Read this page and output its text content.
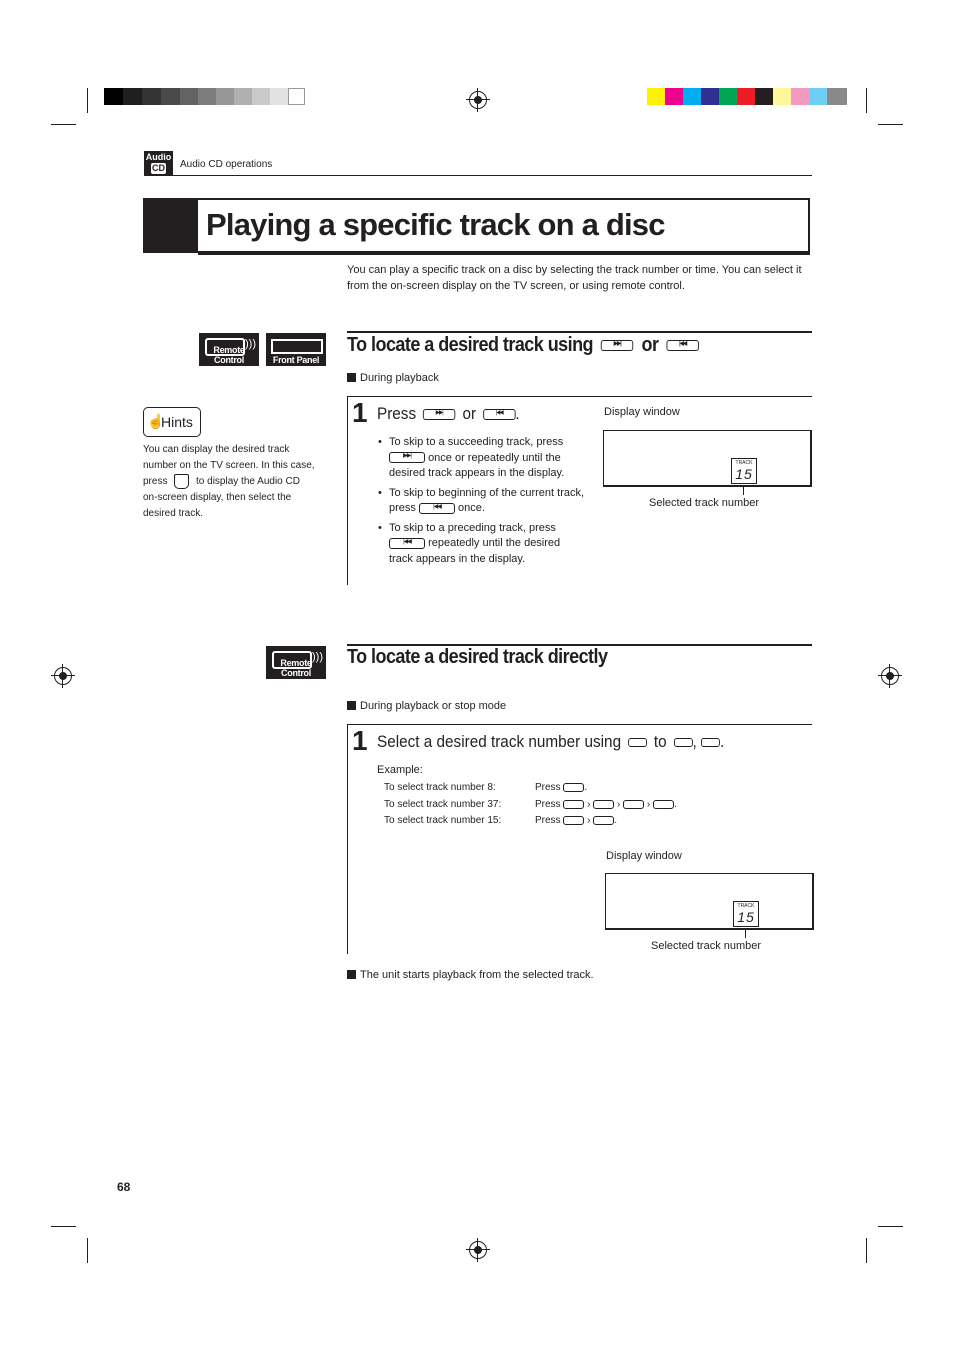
Audio
CD Audio CD operations
Playing a specific track on a disc
You can play a specific track on a disc by selecting the track number or time. You can select it from the on-screen display on the TV screen, or using remote control.
)))
Remote Control	Front Panel
To locate a desired track using	▶▶|	or	|◀◀
During playback
1 Press	▶▶|	or	|◀◀ .
• To skip to a succeeding track, press
▶▶|	once or repeatedly until the desired track appears in the display.
• To skip to beginning of the current track, press	|◀◀	once.
• To skip to a preceding track, press
|◀◀	repeatedly until the desired track appears in the display.
Display window
TRACK
15
Selected track number
☝
Hints
You can display the desired track number on the TV screen. In this case, press	to display the Audio CD on-screen display, then select the desired track.
)))
Remote Control
To locate a desired track directly
During playback or stop mode
1 Select a desired track number using to , .
Example:
To select track number 8:	Press .
To select track number 37:	Press  ›  ›  › .
To select track number 15:	Press  › .
Display window
TRACK
15
Selected track number
The unit starts playback from the selected track.
68
